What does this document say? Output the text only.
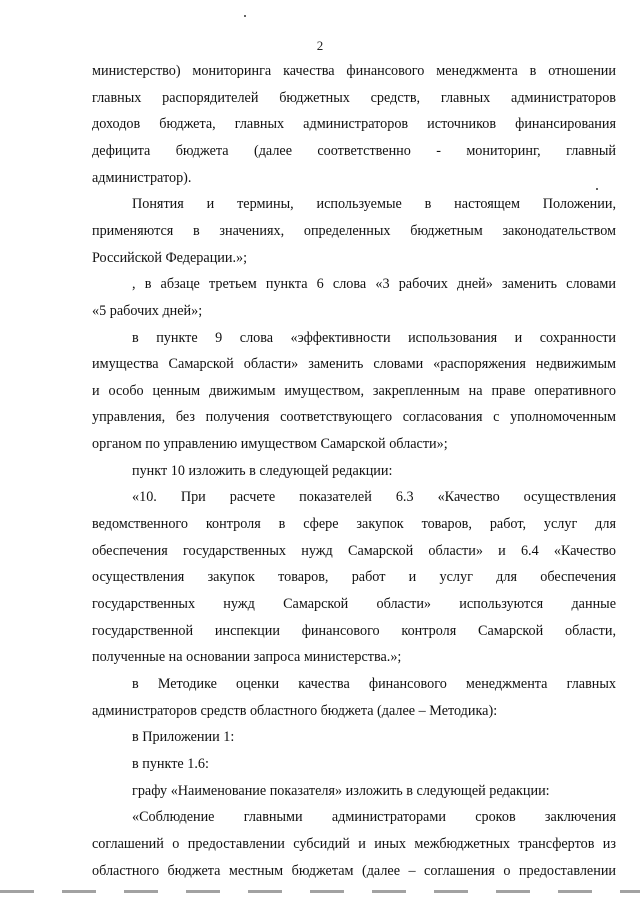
2
министерство) мониторинга качества финансового менеджмента в отношении
главных распорядителей бюджетных средств, главных администраторов
доходов бюджета, главных администраторов источников финансирования
дефицита бюджета (далее соответственно - мониторинг, главный
администратор).
Понятия и термины, используемые в настоящем Положении,
применяются в значениях, определенных бюджетным законодательством
Российской Федерации.»;
, в абзаце третьем пункта 6 слова «3 рабочих дней» заменить словами
«5 рабочих дней»;
в пункте 9 слова «эффективности использования и сохранности
имущества Самарской области» заменить словами «распоряжения недвижимым
и особо ценным движимым имуществом, закрепленным на праве оперативного
управления, без получения соответствующего согласования с уполномоченным
органом по управлению имуществом Самарской области»;
пункт 10 изложить в следующей редакции:
«10. При расчете показателей 6.3 «Качество осуществления
ведомственного контроля в сфере закупок товаров, работ, услуг для
обеспечения государственных нужд Самарской области» и 6.4 «Качество
осуществления закупок товаров, работ и услуг для обеспечения
государственных нужд Самарской области» используются данные
государственной инспекции финансового контроля Самарской области,
полученные на основании запроса министерства.»;
в Методике оценки качества финансового менеджмента главных
администраторов средств областного бюджета (далее – Методика):
в Приложении 1:
в пункте 1.6:
графу «Наименование показателя» изложить в следующей редакции:
«Соблюдение главными администраторами сроков заключения
соглашений о предоставлении субсидий и иных межбюджетных трансфертов из
областного бюджета местным бюджетам (далее – соглашения о предоставлении
